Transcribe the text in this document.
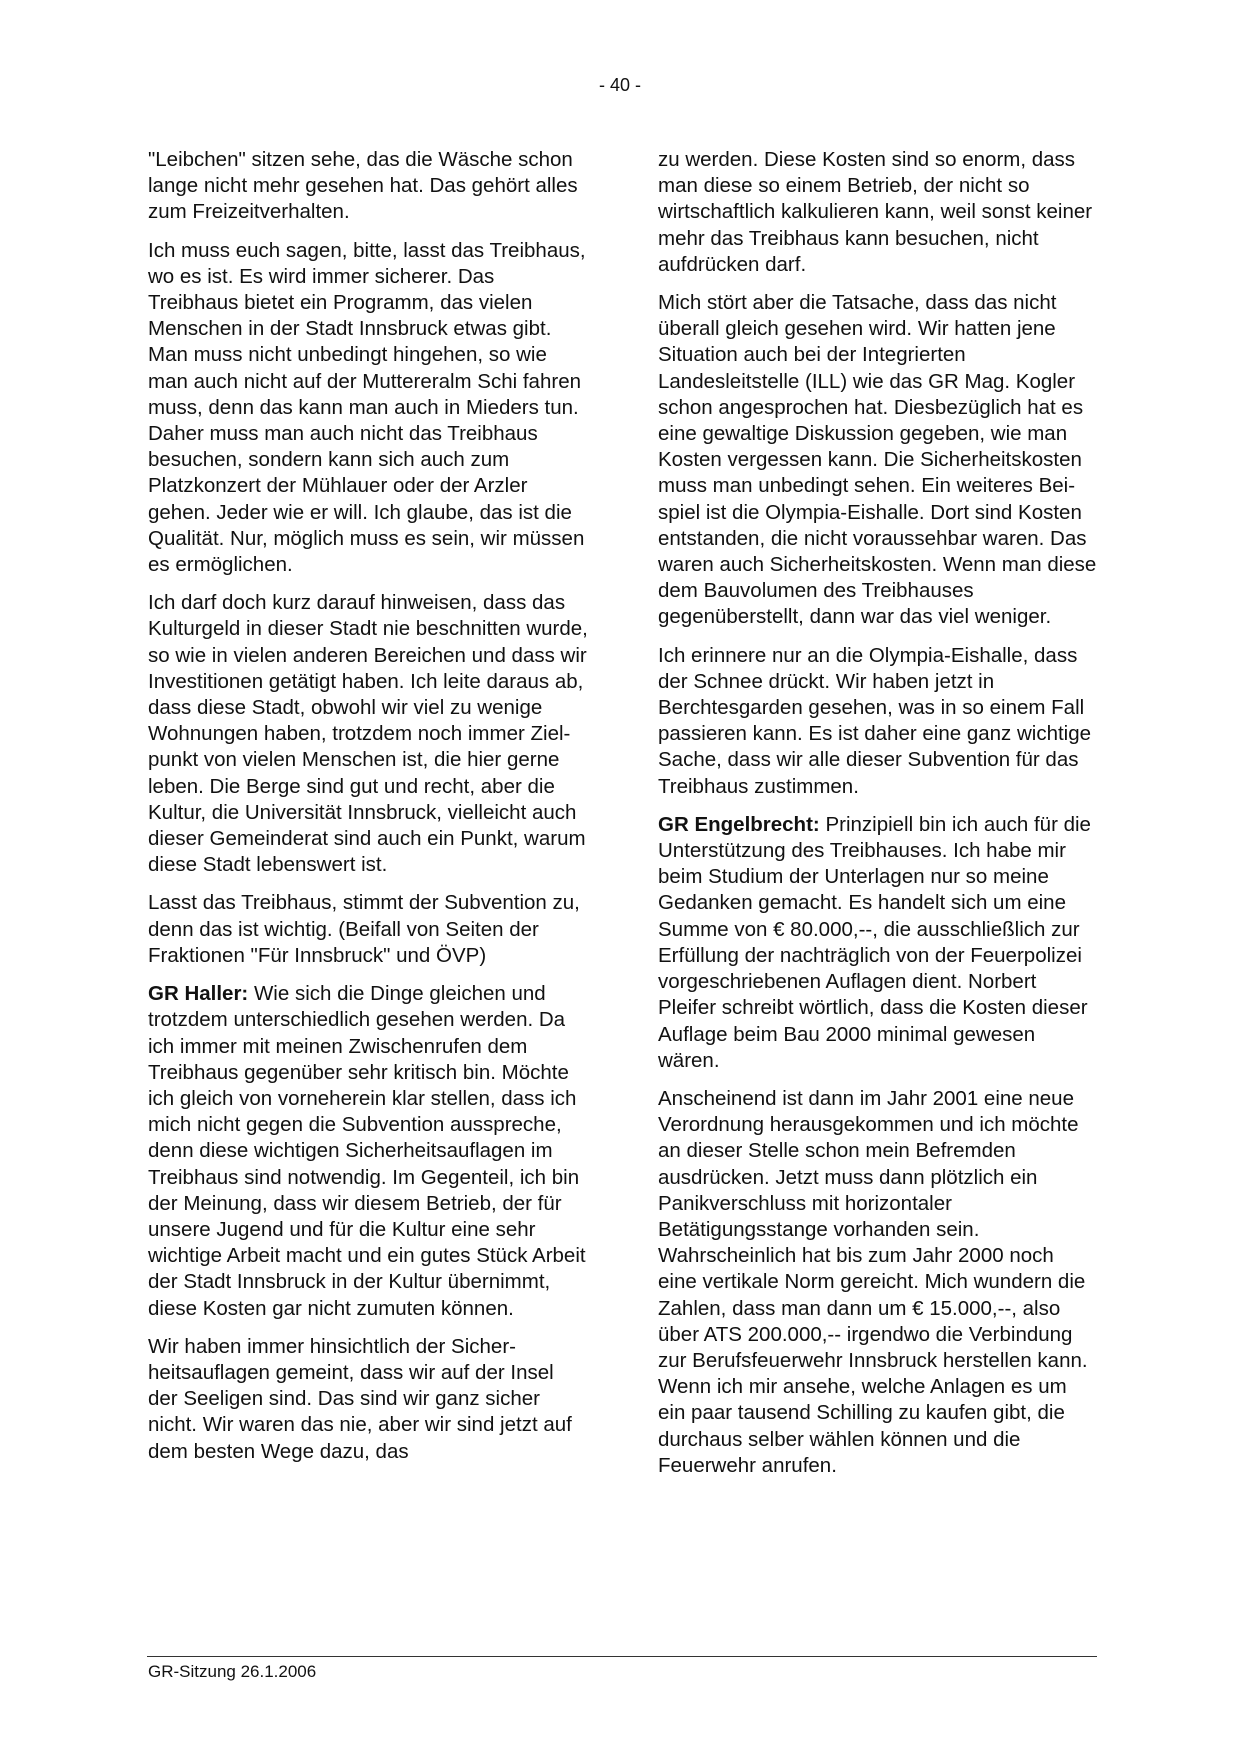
- 40 -

"Leibchen" sitzen sehe, das die Wäsche schon lange nicht mehr gesehen hat. Das gehört alles zum Freizeitverhalten.

Ich muss euch sagen, bitte, lasst das Treibhaus, wo es ist. Es wird immer sicherer. Das Treibhaus bietet ein Programm, das vielen Menschen in der Stadt Innsbruck etwas gibt. Man muss nicht unbedingt hingehen, so wie man auch nicht auf der Muttereralm Schi fahren muss, denn das kann man auch in Mieders tun. Daher muss man auch nicht das Treibhaus besuchen, sondern kann sich auch zum Platzkonzert der Mühlauer oder der Arzler gehen. Jeder wie er will. Ich glaube, das ist die Qualität. Nur, möglich muss es sein, wir müssen es ermöglichen.

Ich darf doch kurz darauf hinweisen, dass das Kulturgeld in dieser Stadt nie beschnitten wurde, so wie in vielen anderen Bereichen und dass wir Investitionen getätigt haben. Ich leite daraus ab, dass diese Stadt, obwohl wir viel zu wenige Wohnungen haben, trotzdem noch immer Zielpunkt von vielen Menschen ist, die hier gerne leben. Die Berge sind gut und recht, aber die Kultur, die Universität Innsbruck, vielleicht auch dieser Gemeinderat sind auch ein Punkt, warum diese Stadt lebenswert ist.

Lasst das Treibhaus, stimmt der Subvention zu, denn das ist wichtig. (Beifall von Seiten der Fraktionen "Für Innsbruck" und ÖVP)

GR Haller: Wie sich die Dinge gleichen und trotzdem unterschiedlich gesehen werden. Da ich immer mit meinen Zwischenrufen dem Treibhaus gegenüber sehr kritisch bin. Möchte ich gleich von vorneherein klar stellen, dass ich mich nicht gegen die Subvention ausspreche, denn diese wichtigen Sicherheitsauflagen im Treibhaus sind notwendig. Im Gegenteil, ich bin der Meinung, dass wir diesem Betrieb, der für unsere Jugend und für die Kultur eine sehr wichtige Arbeit macht und ein gutes Stück Arbeit der Stadt Innsbruck in der Kultur übernimmt, diese Kosten gar nicht zumuten können.

Wir haben immer hinsichtlich der Sicherheitsauflagen gemeint, dass wir auf der Insel der Seeligen sind. Das sind wir ganz sicher nicht. Wir waren das nie, aber wir sind jetzt auf dem besten Wege dazu, das

zu werden. Diese Kosten sind so enorm, dass man diese so einem Betrieb, der nicht so wirtschaftlich kalkulieren kann, weil sonst keiner mehr das Treibhaus kann besuchen, nicht aufdrücken darf.

Mich stört aber die Tatsache, dass das nicht überall gleich gesehen wird. Wir hatten jene Situation auch bei der Integrierten Landesleitstelle (ILL) wie das GR Mag. Kogler schon angesprochen hat. Diesbezüglich hat es eine gewaltige Diskussion gegeben, wie man Kosten vergessen kann. Die Sicherheitskosten muss man unbedingt sehen. Ein weiteres Beispiel ist die Olympia-Eishalle. Dort sind Kosten entstanden, die nicht voraussehbar waren. Das waren auch Sicherheitskosten. Wenn man diese dem Bauvolumen des Treibhauses gegenüberstellt, dann war das viel weniger.

Ich erinnere nur an die Olympia-Eishalle, dass der Schnee drückt. Wir haben jetzt in Berchtesgarden gesehen, was in so einem Fall passieren kann. Es ist daher eine ganz wichtige Sache, dass wir alle dieser Subvention für das Treibhaus zustimmen.

GR Engelbrecht: Prinzipiell bin ich auch für die Unterstützung des Treibhauses. Ich habe mir beim Studium der Unterlagen nur so meine Gedanken gemacht. Es handelt sich um eine Summe von € 80.000,--, die ausschließlich zur Erfüllung der nachträglich von der Feuerpolizei vorgeschriebenen Auflagen dient. Norbert Pleifer schreibt wörtlich, dass die Kosten dieser Auflage beim Bau 2000 minimal gewesen wären.

Anscheinend ist dann im Jahr 2001 eine neue Verordnung herausgekommen und ich möchte an dieser Stelle schon mein Befremden ausdrücken. Jetzt muss dann plötzlich ein Panikverschluss mit horizontaler Betätigungsstange vorhanden sein. Wahrscheinlich hat bis zum Jahr 2000 noch eine vertikale Norm gereicht. Mich wundern die Zahlen, dass man dann um € 15.000,--, also über ATS 200.000,-- irgendwo die Verbindung zur Berufsfeuerwehr Innsbruck herstellen kann. Wenn ich mir ansehe, welche Anlagen es um ein paar tausend Schilling zu kaufen gibt, die durchaus selber wählen können und die Feuerwehr anrufen.

GR-Sitzung 26.1.2006
